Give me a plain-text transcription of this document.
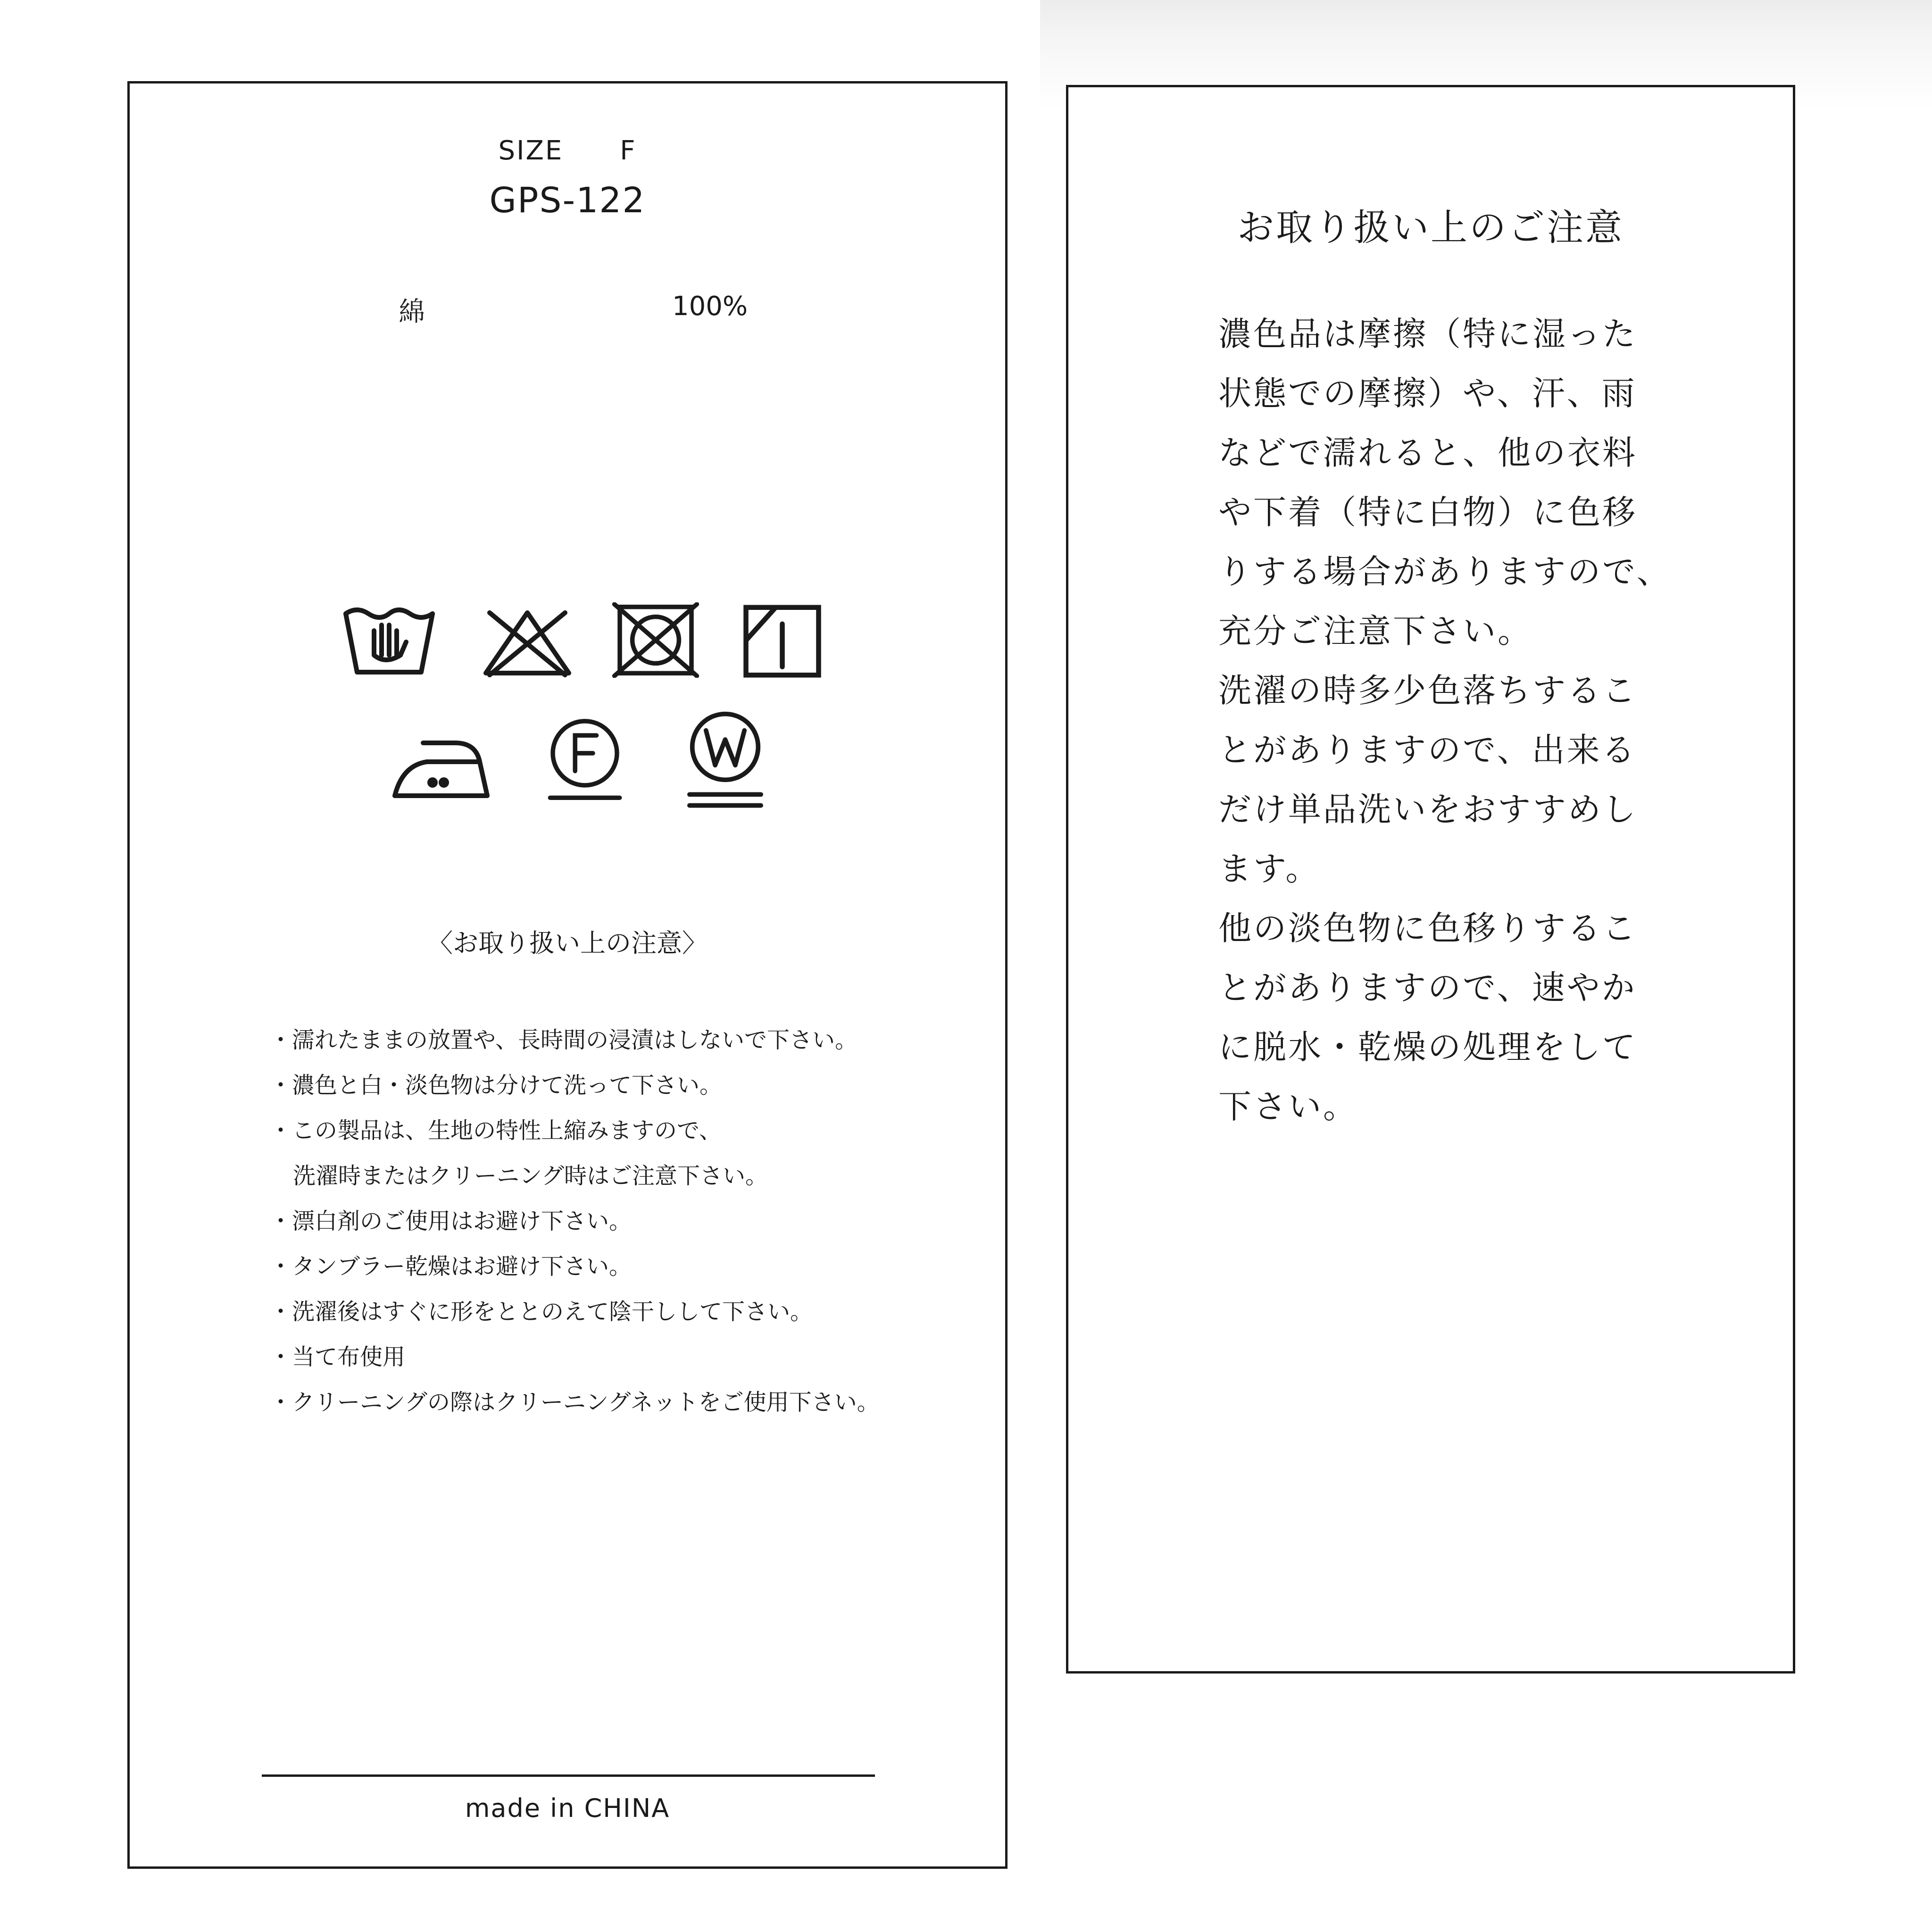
SIZE F
GPS-122
綿	100%
〈お取り扱い上の注意〉
・濡れたままの放置や、長時間の浸漬はしないで下さい。
・濃色と白・淡色物は分けて洗って下さい。
・この製品は、生地の特性上縮みますので、
洗濯時またはクリーニング時はご注意下さい。
・漂白剤のご使用はお避け下さい。
・タンブラー乾燥はお避け下さい。
・洗濯後はすぐに形をととのえて陰干しして下さい。
・当て布使用
・クリーニングの際はクリーニングネットをご使用下さい。
made in CHINA
お取り扱い上のご注意

濃色品は摩擦（特に湿った

状態での摩擦）や、汗、雨

などで濡れると、他の衣料

や下着（特に白物）に色移

りする場合がありますので、

充分ご注意下さい。

洗濯の時多少色落ちするこ

とがありますので、出来る

だけ単品洗いをおすすめし

ます。

他の淡色物に色移りするこ

とがありますので、速やか

に脱水・乾燥の処理をして

下さい。
